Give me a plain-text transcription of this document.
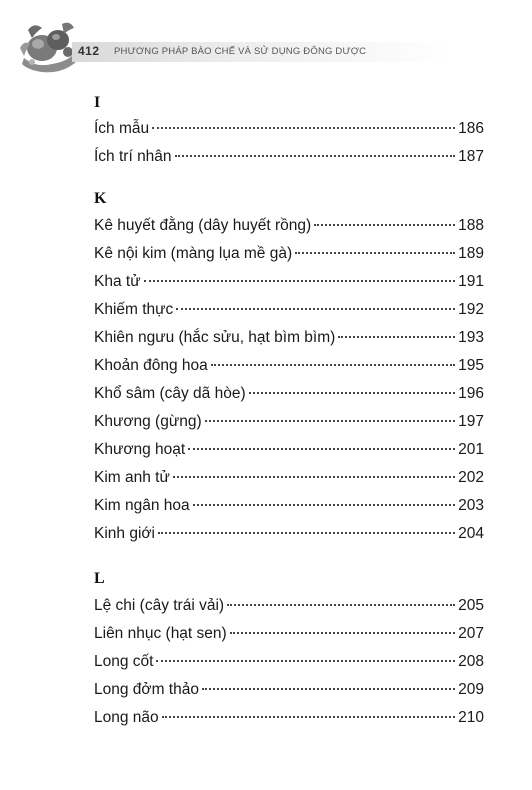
412 PHƯƠNG PHÁP BÀO CHẾ VÀ SỬ DỤNG ĐÔNG DƯỢC
I
Ích mẫu	186
Ích trí nhân	187
K
Kê huyết đằng (dây huyết rồng)	188
Kê nội kim (màng lụa mề gà)	189
Kha tử	191
Khiếm thực	192
Khiên ngưu (hắc sửu, hạt bìm bìm)	193
Khoản đông hoa	195
Khổ sâm (cây dã hòe)	196
Khương (gừng)	197
Khương hoạt	201
Kim anh tử	202
Kim ngân hoa	203
Kinh giới	204
L
Lệ chi (cây trái vải)	205
Liên nhục (hạt sen)	207
Long cốt	208
Long đởm thảo	209
Long não	210
